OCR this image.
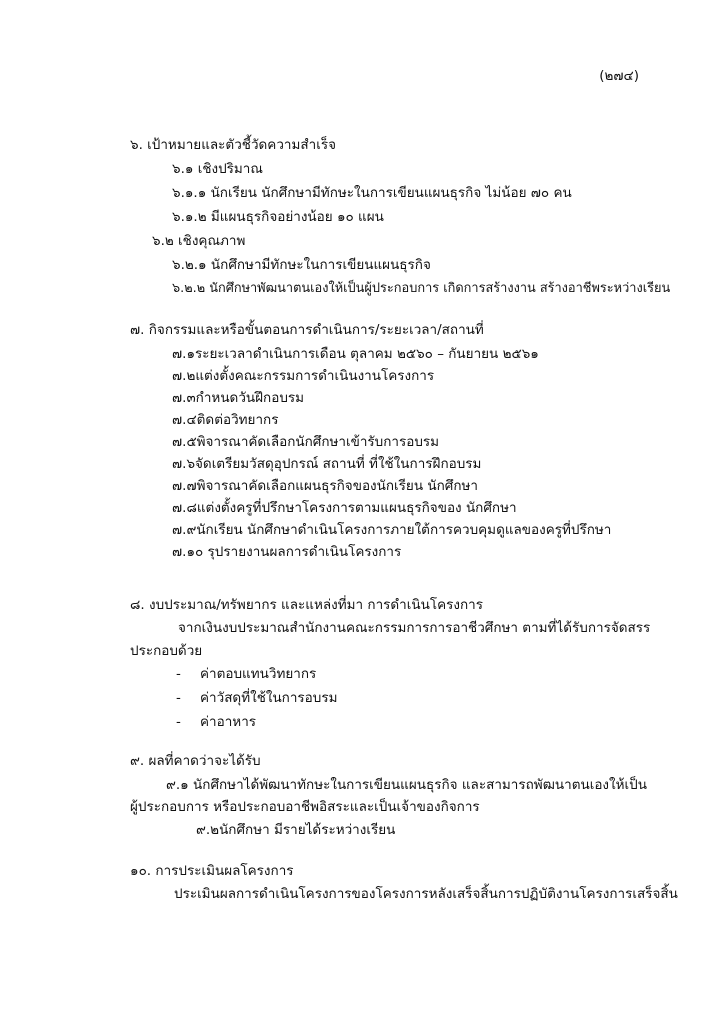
(๒๗๔)
๖. เป้าหมายและตัวชี้วัดความสำเร็จ
๖.๑ เชิงปริมาณ
๖.๑.๑ นักเรียน นักศึกษามีทักษะในการเขียนแผนธุรกิจ ไม่น้อย ๗๐ คน
๖.๑.๒ มีแผนธุรกิจอย่างน้อย ๑๐ แผน
๖.๒ เชิงคุณภาพ
๖.๒.๑ นักศึกษามีทักษะในการเขียนแผนธุรกิจ
๖.๒.๒ นักศึกษาพัฒนาตนเองให้เป็นผู้ประกอบการ เกิดการสร้างงาน สร้างอาชีพระหว่างเรียน
๗. กิจกรรมและหรือขั้นตอนการดำเนินการ/ระยะเวลา/สถานที่
๗.๑ระยะเวลาดำเนินการเดือน ตุลาคม ๒๕๖๐ – กันยายน ๒๕๖๑
๗.๒แต่งตั้งคณะกรรมการดำเนินงานโครงการ
๗.๓กำหนดวันฝึกอบรม
๗.๔ติดต่อวิทยากร
๗.๕พิจารณาคัดเลือกนักศึกษาเข้ารับการอบรม
๗.๖จัดเตรียมวัสดุอุปกรณ์ สถานที่ ที่ใช้ในการฝึกอบรม
๗.๗พิจารณาคัดเลือกแผนธุรกิจของนักเรียน นักศึกษา
๗.๘แต่งตั้งครูที่ปรึกษาโครงการตามแผนธุรกิจของ นักศึกษา
๗.๙นักเรียน นักศึกษาดำเนินโครงการภายใต้การควบคุมดูแลของครูที่ปรึกษา
๗.๑๐ รุปรายงานผลการดำเนินโครงการ
๘. งบประมาณ/ทรัพยากร และแหล่งที่มา การดำเนินโครงการ
จากเงินงบประมาณสำนักงานคณะกรรมการการอาชีวศึกษา ตามที่ได้รับการจัดสรร
ประกอบด้วย
- ค่าตอบแทนวิทยากร
- ค่าวัสดุที่ใช้ในการอบรม
- ค่าอาหาร
๙. ผลที่คาดว่าจะได้รับ
๙.๑ นักศึกษาได้พัฒนาทักษะในการเขียนแผนธุรกิจ และสามารถพัฒนาตนเองให้เป็น
ผู้ประกอบการ หรือประกอบอาชีพอิสระและเป็นเจ้าของกิจการ
๙.๒นักศึกษา มีรายได้ระหว่างเรียน
๑๐. การประเมินผลโครงการ
ประเมินผลการดำเนินโครงการของโครงการหลังเสร็จสิ้นการปฏิบัติงานโครงการเสร็จสิ้น
